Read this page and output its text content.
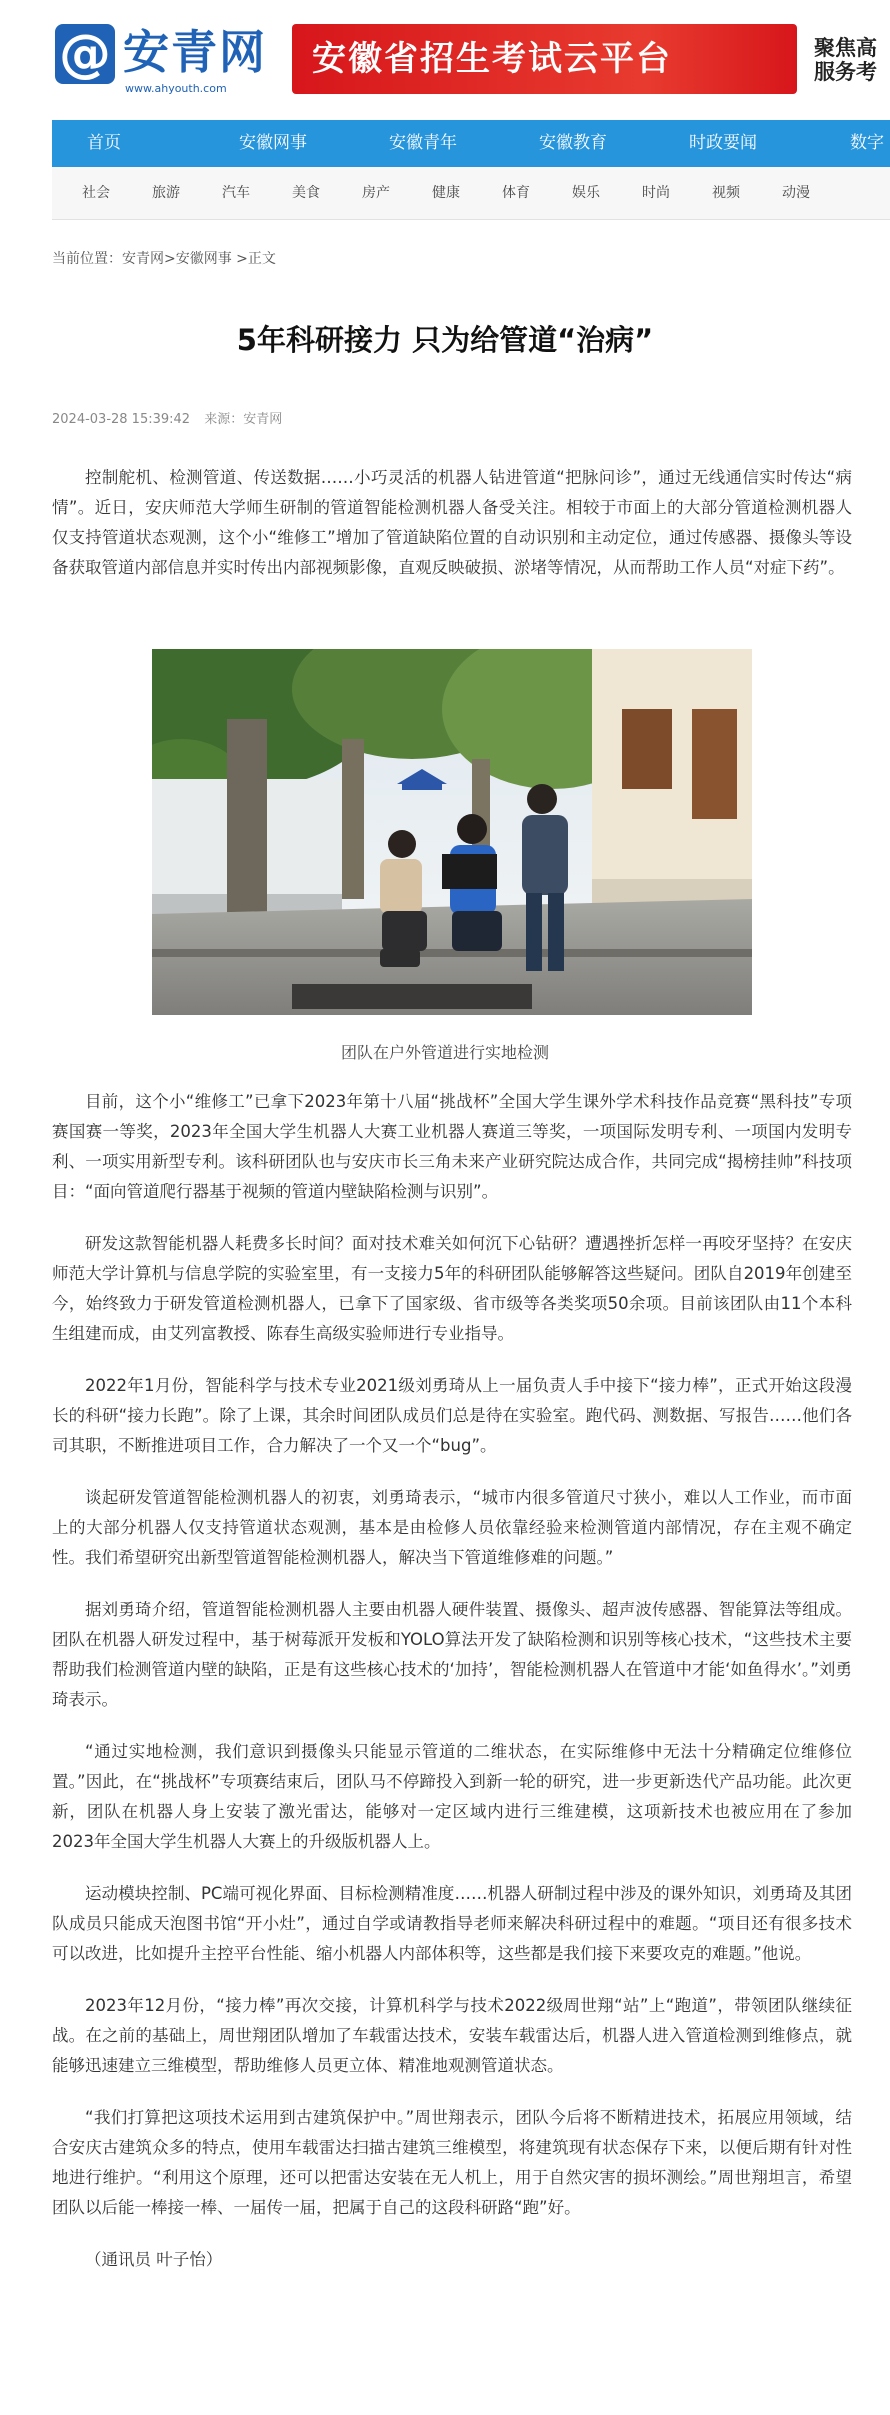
@ 安青网
www.ahyouth.com
安徽省招生考试云平台	聚焦高
服务考
首页	安徽网事	安徽青年	安徽教育	时政要闻	数字
社会	旅游	汽车	美食	房产	健康	体育	娱乐	时尚	视频	动漫
当前位置：安青网>安徽网事 >正文
5年科研接力 只为给管道“治病”
2024-03-28 15:39:42 来源：安青网

控制舵机、检测管道、传送数据……小巧灵活的机器人钻进管道“把脉问诊”，通过无线通信实时传达“病情”。近日，安庆师范大学师生研制的管道智能检测机器人备受关注。相较于市面上的大部分管道检测机器人仅支持管道状态观测，这个小“维修工”增加了管道缺陷位置的自动识别和主动定位，通过传感器、摄像头等设备获取管道内部信息并实时传出内部视频影像，直观反映破损、淤堵等情况，从而帮助工作人员“对症下药”。

团队在户外管道进行实地检测

目前，这个小“维修工”已拿下2023年第十八届“挑战杯”全国大学生课外学术科技作品竞赛“黑科技”专项赛国赛一等奖，2023年全国大学生机器人大赛工业机器人赛道三等奖，一项国际发明专利、一项国内发明专利、一项实用新型专利。该科研团队也与安庆市长三角未来产业研究院达成合作，共同完成“揭榜挂帅”科技项目：“面向管道爬行器基于视频的管道内壁缺陷检测与识别”。

研发这款智能机器人耗费多长时间？面对技术难关如何沉下心钻研？遭遇挫折怎样一再咬牙坚持？在安庆师范大学计算机与信息学院的实验室里，有一支接力5年的科研团队能够解答这些疑问。团队自2019年创建至今，始终致力于研发管道检测机器人，已拿下了国家级、省市级等各类奖项50余项。目前该团队由11个本科生组建而成，由艾列富教授、陈春生高级实验师进行专业指导。

2022年1月份，智能科学与技术专业2021级刘勇琦从上一届负责人手中接下“接力棒”，正式开始这段漫长的科研“接力长跑”。除了上课，其余时间团队成员们总是待在实验室。跑代码、测数据、写报告……他们各司其职，不断推进项目工作，合力解决了一个又一个“bug”。

谈起研发管道智能检测机器人的初衷，刘勇琦表示，“城市内很多管道尺寸狭小，难以人工作业，而市面上的大部分机器人仅支持管道状态观测，基本是由检修人员依靠经验来检测管道内部情况，存在主观不确定性。我们希望研究出新型管道智能检测机器人，解决当下管道维修难的问题。”

据刘勇琦介绍，管道智能检测机器人主要由机器人硬件装置、摄像头、超声波传感器、智能算法等组成。团队在机器人研发过程中，基于树莓派开发板和YOLO算法开发了缺陷检测和识别等核心技术，“这些技术主要帮助我们检测管道内壁的缺陷，正是有这些核心技术的‘加持’，智能检测机器人在管道中才能‘如鱼得水’。”刘勇琦表示。

“通过实地检测，我们意识到摄像头只能显示管道的二维状态，在实际维修中无法十分精确定位维修位置。”因此，在“挑战杯”专项赛结束后，团队马不停蹄投入到新一轮的研究，进一步更新迭代产品功能。此次更新，团队在机器人身上安装了激光雷达，能够对一定区域内进行三维建模，这项新技术也被应用在了参加2023年全国大学生机器人大赛上的升级版机器人上。

运动模块控制、PC端可视化界面、目标检测精准度……机器人研制过程中涉及的课外知识，刘勇琦及其团队成员只能成天泡图书馆“开小灶”，通过自学或请教指导老师来解决科研过程中的难题。“项目还有很多技术可以改进，比如提升主控平台性能、缩小机器人内部体积等，这些都是我们接下来要攻克的难题。”他说。

2023年12月份，“接力棒”再次交接，计算机科学与技术2022级周世翔“站”上“跑道”，带领团队继续征战。在之前的基础上，周世翔团队增加了车载雷达技术，安装车载雷达后，机器人进入管道检测到维修点，就能够迅速建立三维模型，帮助维修人员更立体、精准地观测管道状态。

“我们打算把这项技术运用到古建筑保护中。”周世翔表示，团队今后将不断精进技术，拓展应用领域，结合安庆古建筑众多的特点，使用车载雷达扫描古建筑三维模型，将建筑现有状态保存下来，以便后期有针对性地进行维护。“利用这个原理，还可以把雷达安装在无人机上，用于自然灾害的损坏测绘。”周世翔坦言，希望团队以后能一棒接一棒、一届传一届，把属于自己的这段科研路“跑”好。

（通讯员 叶子怡）
